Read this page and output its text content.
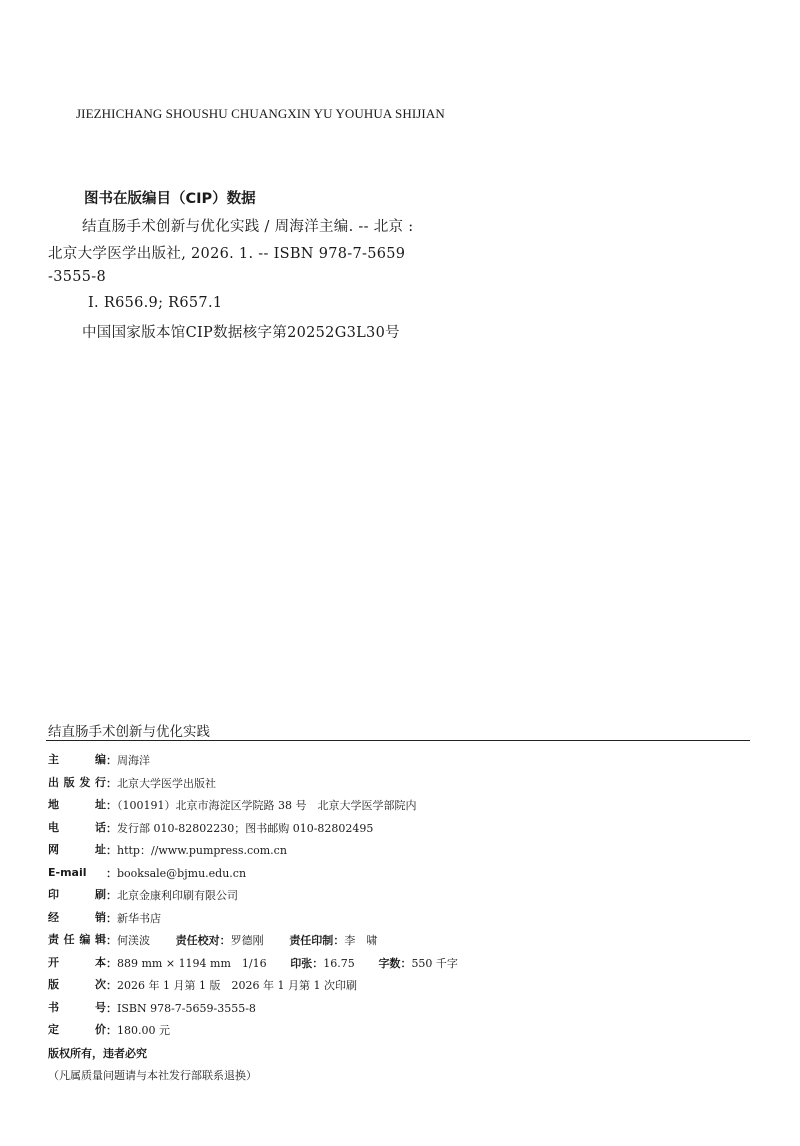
JIEZHICHANG SHOUSHU CHUANGXIN YU YOUHUA SHIJIAN
图书在版编目（CIP）数据
结直肠手术创新与优化实践 / 周海洋主编. -- 北京 :
北京大学医学出版社, 2026. 1. -- ISBN 978-7-5659
-3555-8
Ⅰ. R656.9; R657.1
中国国家版本馆CIP数据核字第20252G3L30号
结直肠手术创新与优化实践
主编：周海洋
出版发行：北京大学医学出版社
地址：（100191）北京市海淀区学院路 38 号　北京大学医学部院内
电话：发行部 010-82802230；图书邮购 010-82802495
网址：http：//www.pumpress.com.cn
E-mail ：booksale@bjmu.edu.cn
印刷：北京金康利印刷有限公司
经销：新华书店
责任编辑：何渼波 责任校对：罗德刚 责任印制：李　啸
开本：889 mm × 1194 mm　1/16 印张：16.75 字数：550 千字
版次：2026 年 1 月第 1 版　2026 年 1 月第 1 次印刷
书号：ISBN 978-7-5659-3555-8
定价：180.00 元
版权所有，违者必究
（凡属质量问题请与本社发行部联系退换）
